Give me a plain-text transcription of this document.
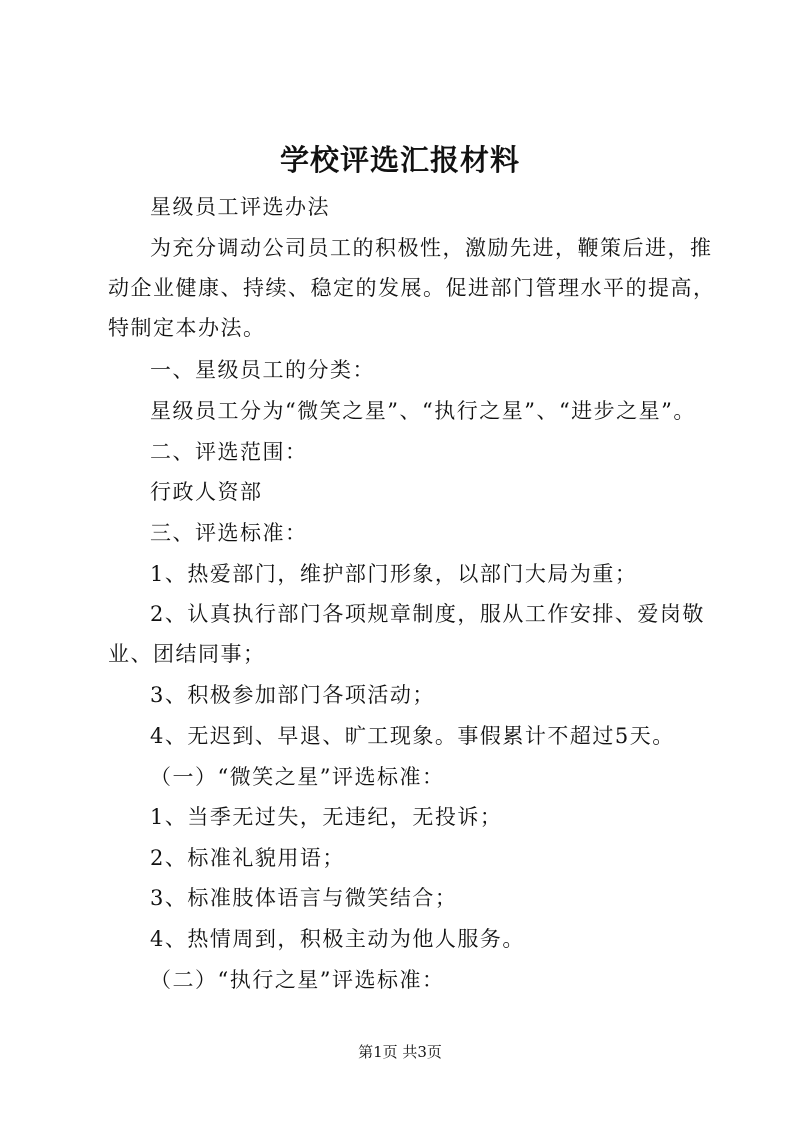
学校评选汇报材料

星级员工评选办法

为充分调动公司员工的积极性，激励先进，鞭策后进，推动企业健康、持续、稳定的发展。促进部门管理水平的提高，特制定本办法。

一、星级员工的分类：

星级员工分为“微笑之星”、“执行之星”、“进步之星”。

二、评选范围：

行政人资部

三、评选标准：

1、热爱部门，维护部门形象，以部门大局为重；

2、认真执行部门各项规章制度，服从工作安排、爱岗敬业、团结同事；

3、积极参加部门各项活动；

4、无迟到、早退、旷工现象。事假累计不超过5天。

（一）“微笑之星”评选标准：

1、当季无过失，无违纪，无投诉；

2、标准礼貌用语；

3、标准肢体语言与微笑结合；

4、热情周到，积极主动为他人服务。

（二）“执行之星”评选标准：

第1页 共3页
